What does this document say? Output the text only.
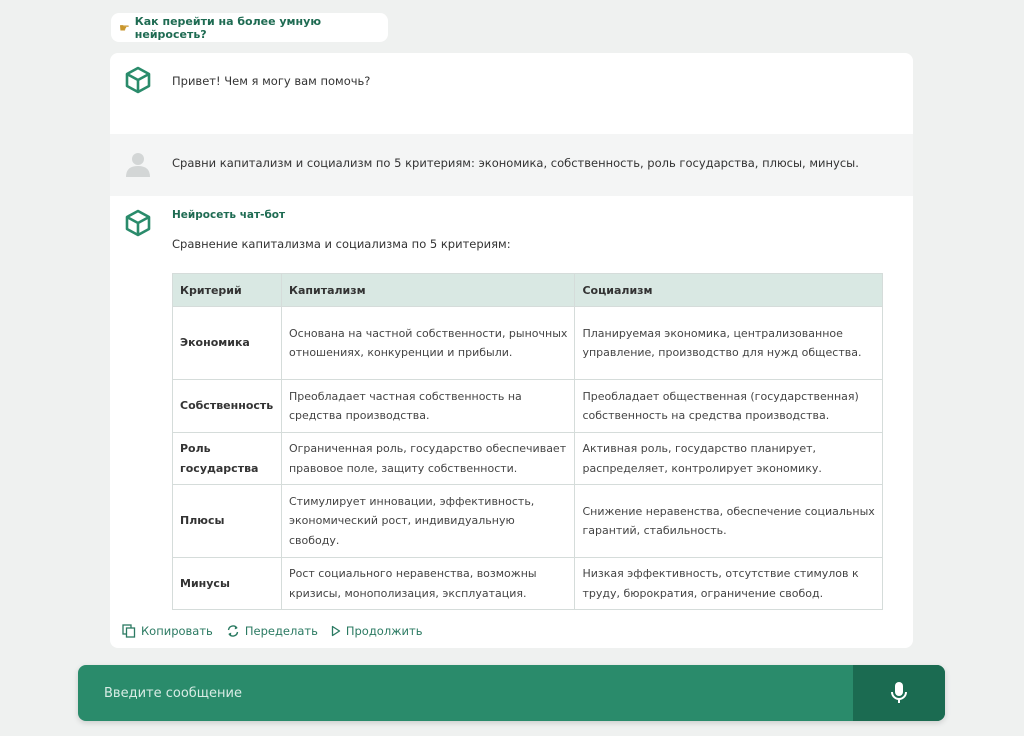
☛ Как перейти на более умную нейросеть?
Привет! Чем я могу вам помочь?
Сравни капитализм и социализм по 5 критериям: экономика, собственность, роль государства, плюсы, минусы.
Нейросеть чат-бот
Сравнение капитализма и социализма по 5 критериям:
Критерий	Капитализм	Социализм
Экономика	Основана на частной собственности, рыночных отношениях, конкуренции и прибыли.	Планируемая экономика, централизованное управление, производство для нужд общества.
Собственность	Преобладает частная собственность на средства производства.	Преобладает общественная (государственная) собственность на средства производства.
Роль государства	Ограниченная роль, государство обеспечивает правовое поле, защиту собственности.	Активная роль, государство планирует, распределяет, контролирует экономику.
Плюсы	Стимулирует инновации, эффективность, экономический рост, индивидуальную свободу.	Снижение неравенства, обеспечение социальных гарантий, стабильность.
Минусы	Рост социального неравенства, возможны кризисы, монополизация, эксплуатация.	Низкая эффективность, отсутствие стимулов к труду, бюрократия, ограничение свобод.
Копировать	Переделать Продолжить
Введите сообщение
